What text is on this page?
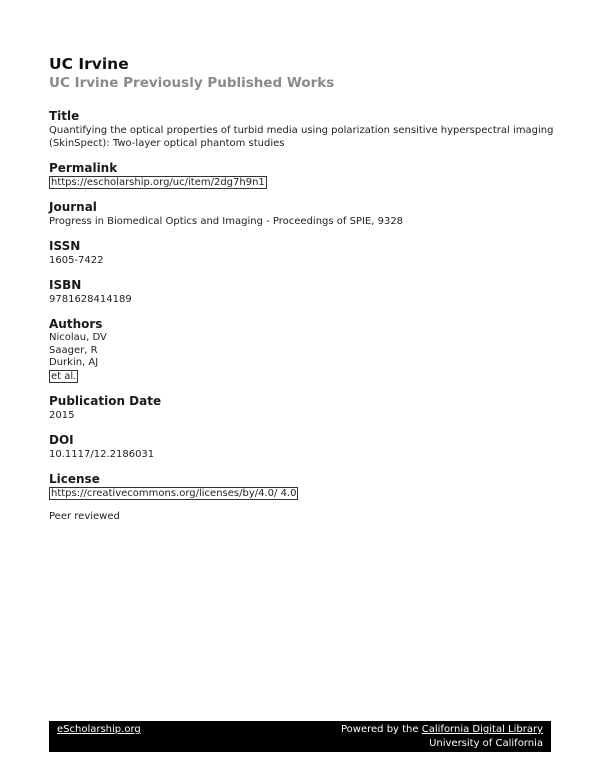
UC Irvine
UC Irvine Previously Published Works
Title
Quantifying the optical properties of turbid media using polarization sensitive hyperspectral imaging (SkinSpect): Two-layer optical phantom studies
Permalink
https://escholarship.org/uc/item/2dg7h9n1
Journal
Progress in Biomedical Optics and Imaging - Proceedings of SPIE, 9328
ISSN
1605-7422
ISBN
9781628414189
Authors
Nicolau, DV
Saager, R
Durkin, AJ
et al.
Publication Date
2015
DOI
10.1117/12.2186031
License
https://creativecommons.org/licenses/by/4.0/ 4.0
Peer reviewed
eScholarship.org	Powered by the California Digital Library
University of California
